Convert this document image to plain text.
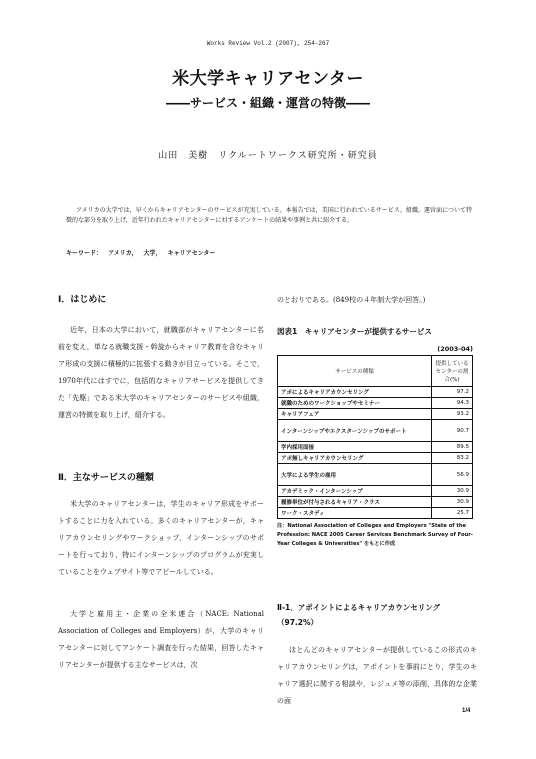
Works Review Vol.2 (2007), 254-267
米大学キャリアセンター
――サービス・組織・運営の特徴――
山田　美樹　リクルートワークス研究所・研究員
アメリカの大学では，早くからキャリアセンターのサービスが充実している。本報告では，美国に行われているサービス，組織，運営面について特徴的な部分を取り上げ，近年行われたキャリアセンターに対するアンケートの結果や事例と共に紹介する。
キーワード： アメリカ， 大学， キャリアセンター
Ⅰ．はじめに

近年，日本の大学において，就職部がキャリアセンターに名前を変え，単なる就職支援・斡旋からキャリア教育を含むキャリア形成の支援に積極的に拡張する動きが目立っている。そこで，1970年代にはすでに，包括的なキャリアサービスを提供してきた「先駆」である米大学のキャリアセンターのサービスや組織，運営の特徴を取り上げ，紹介する。

Ⅱ．主なサービスの種類

米大学のキャリアセンターは，学生のキャリア形成をサポートすることに力を入れている。多くのキャリアセンターが，キャリアカウンセリングやワークショップ，インターンシップのサポートを行っており，特にインターンシップのプログラムが充実していることをウェブサイト等でアピールしている。

大学と雇用主・企業の全米連合（NACE: National Association of Colleges and Employers）が，大学のキャリアセンターに対してアンケート調査を行った結果，回答したキャリアセンターが提供する主なサービスは，次

のとおりである。(849校の４年制大学が回答。)

図表1　キャリアセンターが提供するサービス
(2003-04)
サービスの種類	提供しているセンターの割合(%)
アポによるキャリアカウンセリング	97.2
就職のためのワークショップやセミナー	94.3
キャリアフェア	93.2
インターンシップやエクスターンシップのサポート	90.7
学内採用面接	89.5
アポ無しキャリアカウンセリング	83.2
大学による学生の雇用	56.9
アカデミック・インターンシップ	30.9
履修単位が付与されるキャリア・クラス	30.9
ワーク・スタディ	25.7
注：National Association of Colleges and Employers "State of the Profession: NACE 2005 Career Services Benchmark Survey of Four-Year Colleges & Universities" をもとに作成
Ⅱ-1．アポイントによるキャリアカウンセリング（97.2%）

ほとんどのキャリアセンターが提供しているこの形式のキャリアカウンセリングは，アポイントを事前にとり，学生のキャリア選択に関する相談や，レジュメ等の添削，具体的な企業の面

1/4
